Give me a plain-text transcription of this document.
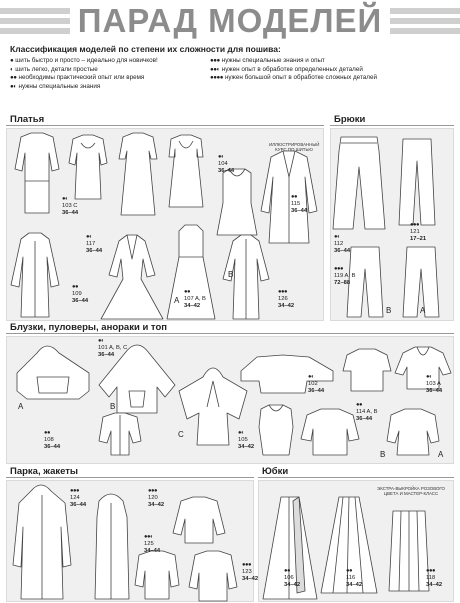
ПАРАД МОДЕЛЕЙ
Классификация моделей по степени их сложности для пошива:
● шить быстро и просто – идеально для новичков!
◐ шить легко, детали простые
●● необходимы практический опыт или время
●◐ нужны специальные знания
●●● нужны специальные знания и опыт
●●◐ нужен опыт в обработке определенных деталей
●●●● нужен большой опыт в обработке сложных деталей
Платья
ИЛЛЮСТРИРОВАННЫЙ КУРС ПО ШИТЬЮ
●◐
103 C
36–44
●◐
104
36–44
●●
115
36–44
●◐
117
36–44
●●
109
36–44
●●
107 A, B
34–42
●●●
126
34–42
A
B
Брюки
●●●
121
17–21
●◐
112
36–44
●●●
119 A, B
72–88
B	A
Блузки, пуловеры, анораки и топ
●◐
101 A, B, C
36–44
●◐
102
36–44
●◐
103 A
36–44
●●
108
36–44
●◐
105
34–42
●●
114 A, B
36–44
A	B
C
B	A
Парка, жакеты
●●●
124
36–44
●●●
120
34–42
●●◐
125
34–44
●●●
123
34–42
Юбки
ЭКСТРА-ВЫКРОЙКА РОЗОВОГО ЦВЕТА И МАСТЕР-КЛАСС
●●
106
34–42
●●
116
34–42
●●●
118
34–42
